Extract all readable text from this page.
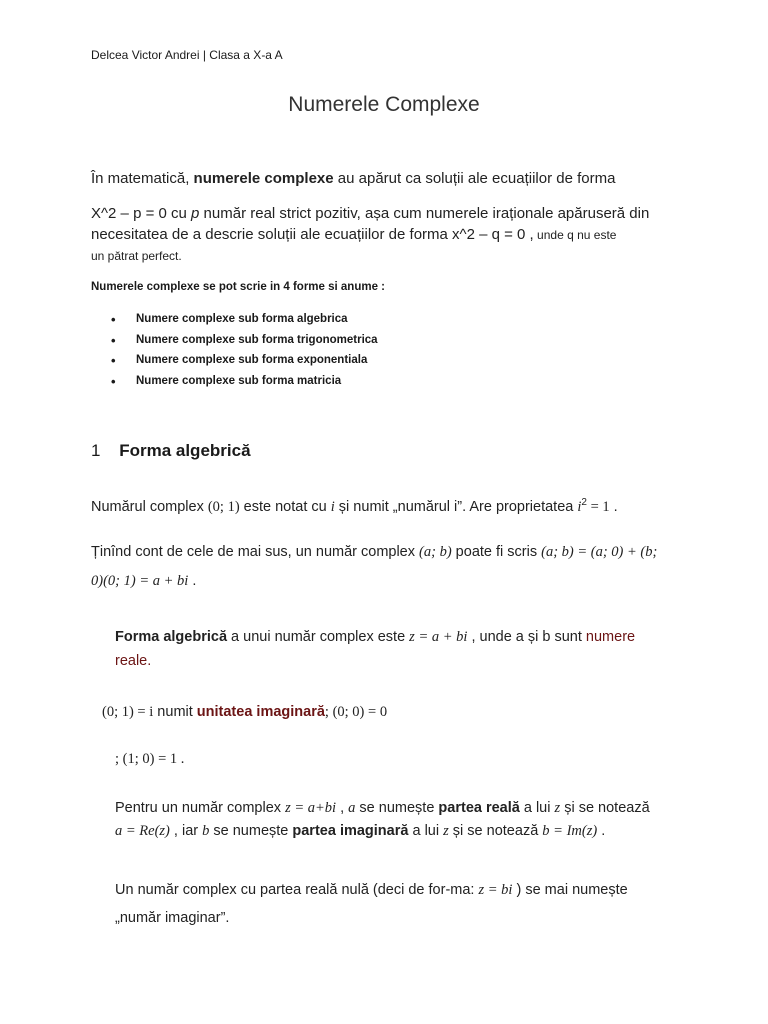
Delcea Victor Andrei | Clasa a X-a A
Numerele Complexe
În matematică, numerele complexe au apărut ca soluții ale ecuațiilor de forma
X^2 – p = 0 cu p număr real strict pozitiv, așa cum numerele iraționale apăruseră din
necesitatea de a descrie soluții ale ecuațiilor de forma x^2 – q = 0 , unde q nu este
un pătrat perfect.
Numerele complexe se pot scrie in 4 forme si anume :
• Numere complexe sub forma algebrica
• Numere complexe sub forma trigonometrica
• Numere complexe sub forma exponentiala
• Numere complexe sub forma matricia
1 Forma algebrică
Numărul complex (0; 1) este notat cu i și numit „numărul i”. Are proprietatea $i^2 = 1$ .
Ținînd cont de cele de mai sus, un număr complex (a; b) poate fi scris (a; b) = (a; 0) + (b;
0)(0; 1) = a + bi .
Forma algebrică a unui număr complex este z = a + bi , unde a și b sunt numere
reale.
(0; 1) = i numit unitatea imaginară; (0; 0) = 0
; (1; 0) = 1 .
Pentru un număr complex z = a+bi , a se numește partea reală a lui z și se notează
a = Re(z) , iar b se numește partea imaginară a lui z și se notează b = Im(z) .
Un număr complex cu partea reală nulă (deci de for-ma: z = bi ) se mai numește
„număr imaginar”.
